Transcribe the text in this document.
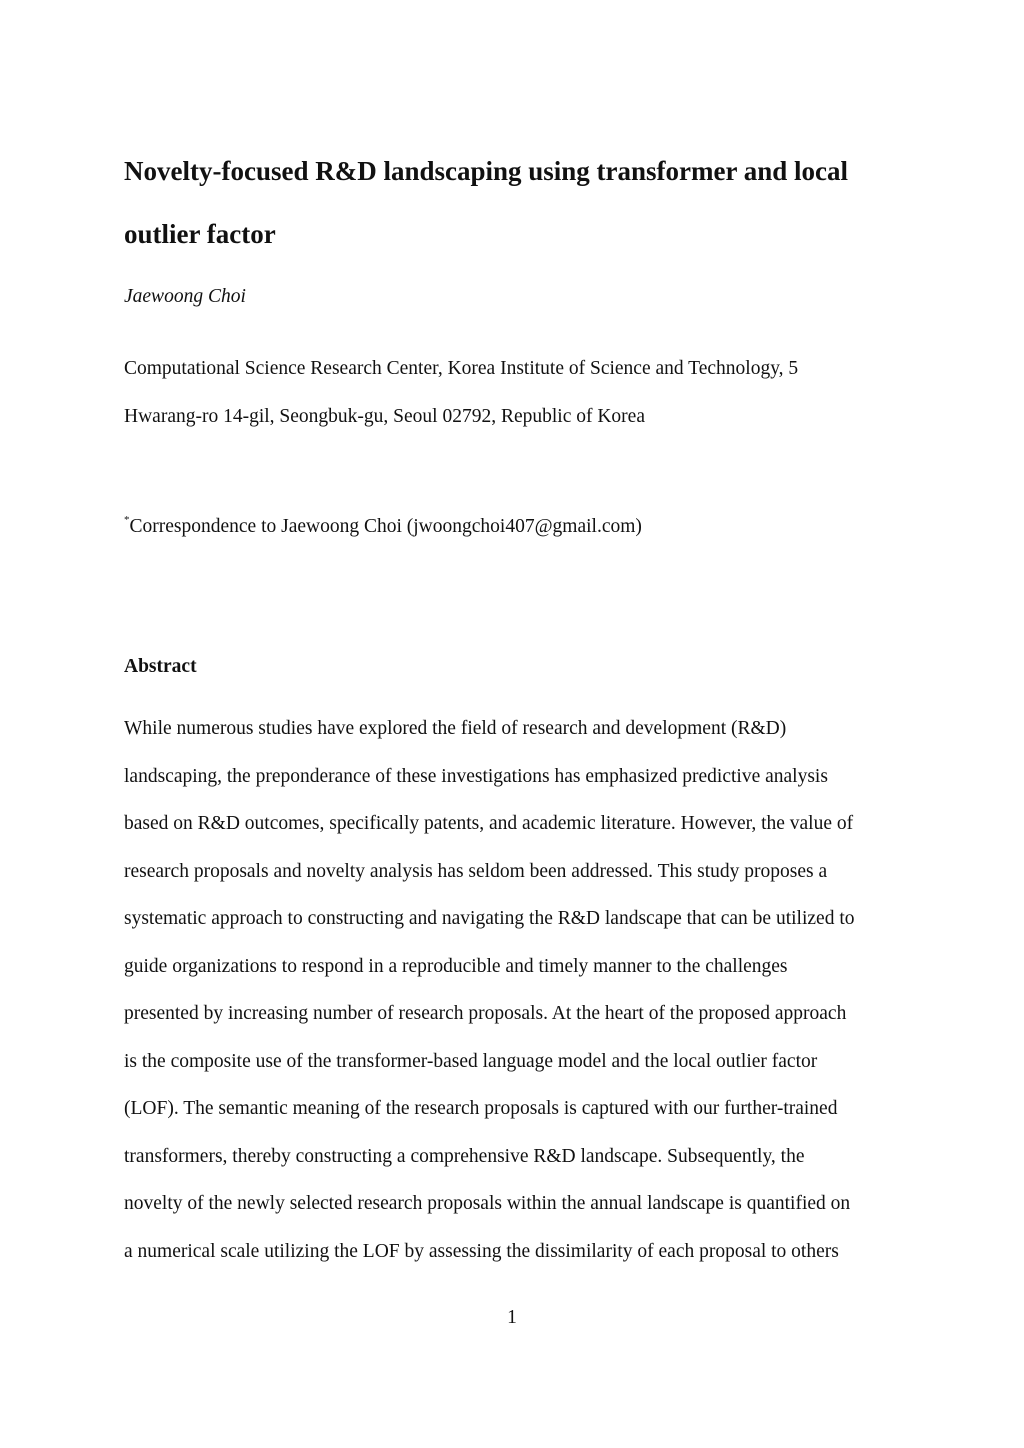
Novelty-focused R&D landscaping using transformer and local
outlier factor

Jaewoong Choi

Computational Science Research Center, Korea Institute of Science and Technology, 5
Hwarang-ro 14-gil, Seongbuk-gu, Seoul 02792, Republic of Korea

*Correspondence to Jaewoong Choi (jwoongchoi407@gmail.com)

Abstract
While numerous studies have explored the field of research and development (R&D)
landscaping, the preponderance of these investigations has emphasized predictive analysis
based on R&D outcomes, specifically patents, and academic literature. However, the value of
research proposals and novelty analysis has seldom been addressed. This study proposes a
systematic approach to constructing and navigating the R&D landscape that can be utilized to
guide organizations to respond in a reproducible and timely manner to the challenges
presented by increasing number of research proposals. At the heart of the proposed approach
is the composite use of the transformer-based language model and the local outlier factor
(LOF). The semantic meaning of the research proposals is captured with our further-trained
transformers, thereby constructing a comprehensive R&D landscape. Subsequently, the
novelty of the newly selected research proposals within the annual landscape is quantified on
a numerical scale utilizing the LOF by assessing the dissimilarity of each proposal to others

1
